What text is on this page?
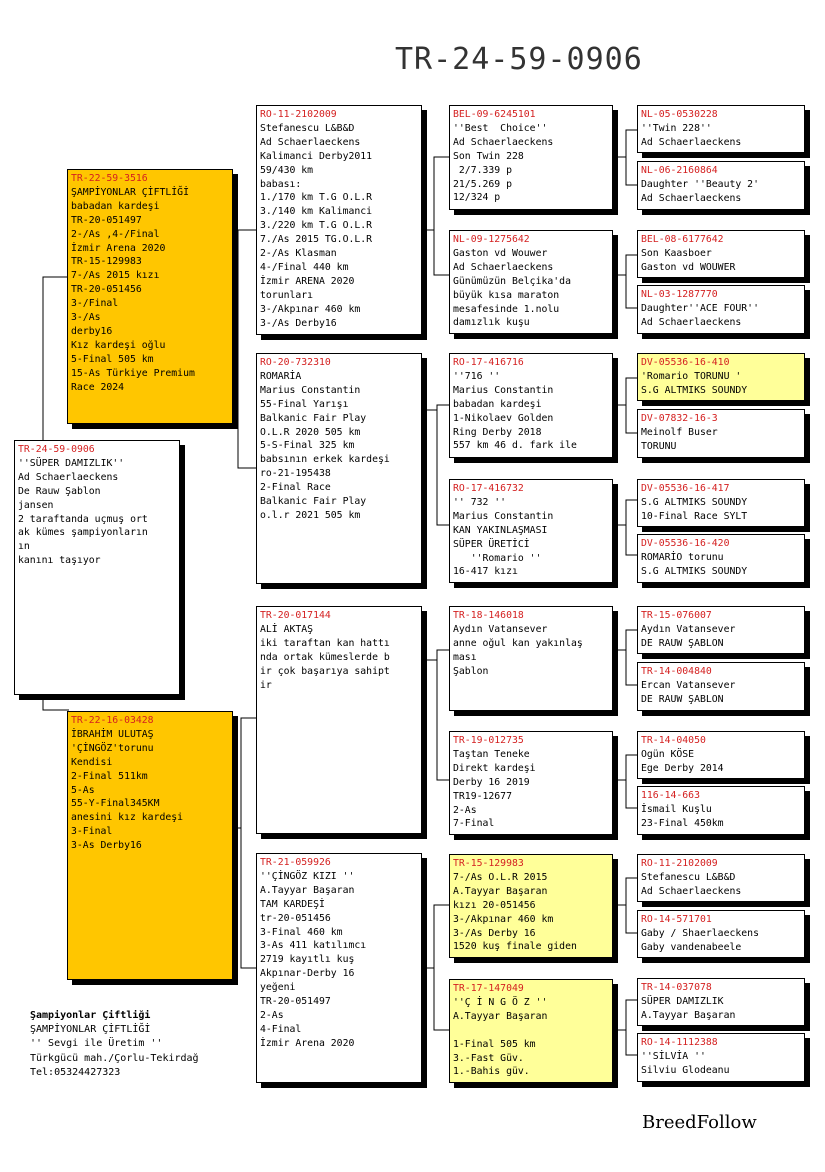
TR-24-59-0906
TR-24-59-0906
''SÜPER DAMIZLIK''
Ad Schaerlaeckens
De Rauw Şablon
jansen
2 taraftanda uçmuş ort
ak kümes şampiyonların
ın
kanını taşıyor
TR-22-59-3516
ŞAMPİYONLAR ÇİFTLİĞİ
babadan kardeşi
TR-20-051497
2-/As ,4-/Final
İzmir Arena 2020
TR-15-129983
7-/As 2015 kızı
TR-20-051456
3-/Final
3-/As
derby16
Kız kardeşi oğlu
5-Final 505 km
15-As Türkiye Premium
Race 2024
TR-22-16-03428
İBRAHİM ULUTAŞ
'ÇİNGÖZ'torunu
Kendisi
2-Final 511km
5-As
55-Y-Final345KM
anesini kız kardeşi
3-Final
3-As Derby16
RO-11-2102009
Stefanescu L&B&D
Ad Schaerlaeckens
Kalimanci Derby2011
59/430 km
babası:
1./170 km T.G O.L.R
3./140 km Kalimanci
3./220 km T.G O.L.R
7./As 2015 TG.O.L.R
2-/As Klasman
4-/Final 440 km
İzmir ARENA 2020
torunları
3-/Akpınar 460 km
3-/As Derby16
RO-20-732310
ROMARİA
Marius Constantin
55-Final Yarışı
Balkanic Fair Play
O.L.R 2020 505 km
5-S-Final 325 km
babsının erkek kardeşi
ro-21-195438
2-Final Race
Balkanic Fair Play
o.l.r 2021 505 km
TR-20-017144
ALİ AKTAŞ
iki taraftan kan hattı
nda ortak kümeslerde b
ir çok başarıya sahipt
ir
TR-21-059926
''ÇİNGÖZ KIZI ''
A.Tayyar Başaran
TAM KARDEŞİ
tr-20-051456
3-Final 460 km
3-As 411 katılımcı
2719 kayıtlı kuş
Akpınar-Derby 16
yeğeni
TR-20-051497
2-As
4-Final
İzmir Arena 2020
BEL-09-6245101
''Best  Choice''
Ad Schaerlaeckens
Son Twin 228
2/7.339 p
21/5.269 p
12/324 p
NL-09-1275642
Gaston vd Wouwer
Ad Schaerlaeckens
Günümüzün Belçika'da
büyük kısa maraton
mesafesinde 1.nolu
damızlık kuşu
RO-17-416716
''716 ''
Marius Constantin
babadan kardeşi
1-Nikolaev Golden
Ring Derby 2018
557 km 46 d. fark ile
RO-17-416732
'' 732 ''
Marius Constantin
KAN YAKINLAŞMASI
SÜPER ÜRETİCİ
''Romario ''
16-417 kızı
TR-18-146018
Aydın Vatansever
anne oğul kan yakınlaş
ması
Şablon
TR-19-012735
Taştan Teneke
Direkt kardeşi
Derby 16 2019
TR19-12677
2-As
7-Final
TR-15-129983
7-/As O.L.R 2015
A.Tayyar Başaran
kızı 20-051456
3-/Akpınar 460 km
3-/As Derby 16
1520 kuş finale giden
TR-17-147049
''Ç İ N G Ö Z ''
A.Tayyar Başaran

1-Final 505 km
3.-Fast Güv.
1.-Bahis güv.
NL-05-0530228
''Twin 228''
Ad Schaerlaeckens
NL-06-2160864
Daughter ''Beauty 2'
Ad Schaerlaeckens
BEL-08-6177642
Son Kaasboer
Gaston vd WOUWER
NL-03-1287770
Daughter''ACE FOUR''
Ad Schaerlaeckens
DV-05536-16-410
'Romario TORUNU '
S.G ALTMIKS SOUNDY
DV-07832-16-3
Meinolf Buser
TORUNU
DV-05536-16-417
S.G ALTMIKS SOUNDY
10-Final Race SYLT
DV-05536-16-420
ROMARİO torunu
S.G ALTMIKS SOUNDY
TR-15-076007
Aydın Vatansever
DE RAUW ŞABLON
TR-14-004840
Ercan Vatansever
DE RAUW ŞABLON
TR-14-04050
Ogün KÖSE
Ege Derby 2014
116-14-663
İsmail Kuşlu
23-Final 450km
RO-11-2102009
Stefanescu L&B&D
Ad Schaerlaeckens
RO-14-571701
Gaby / Shaerlaeckens
Gaby vandenabeele
TR-14-037078
SÜPER DAMIZLIK
A.Tayyar Başaran
RO-14-1112388
''SİLVİA ''
Silviu Glodeanu
Şampiyonlar Çiftliği
ŞAMPİYONLAR ÇİFTLİĞİ
'' Sevgi ile Üretim ''
Türkgücü mah./Çorlu-Tekirdağ
Tel:05324427323
BreedFollow
